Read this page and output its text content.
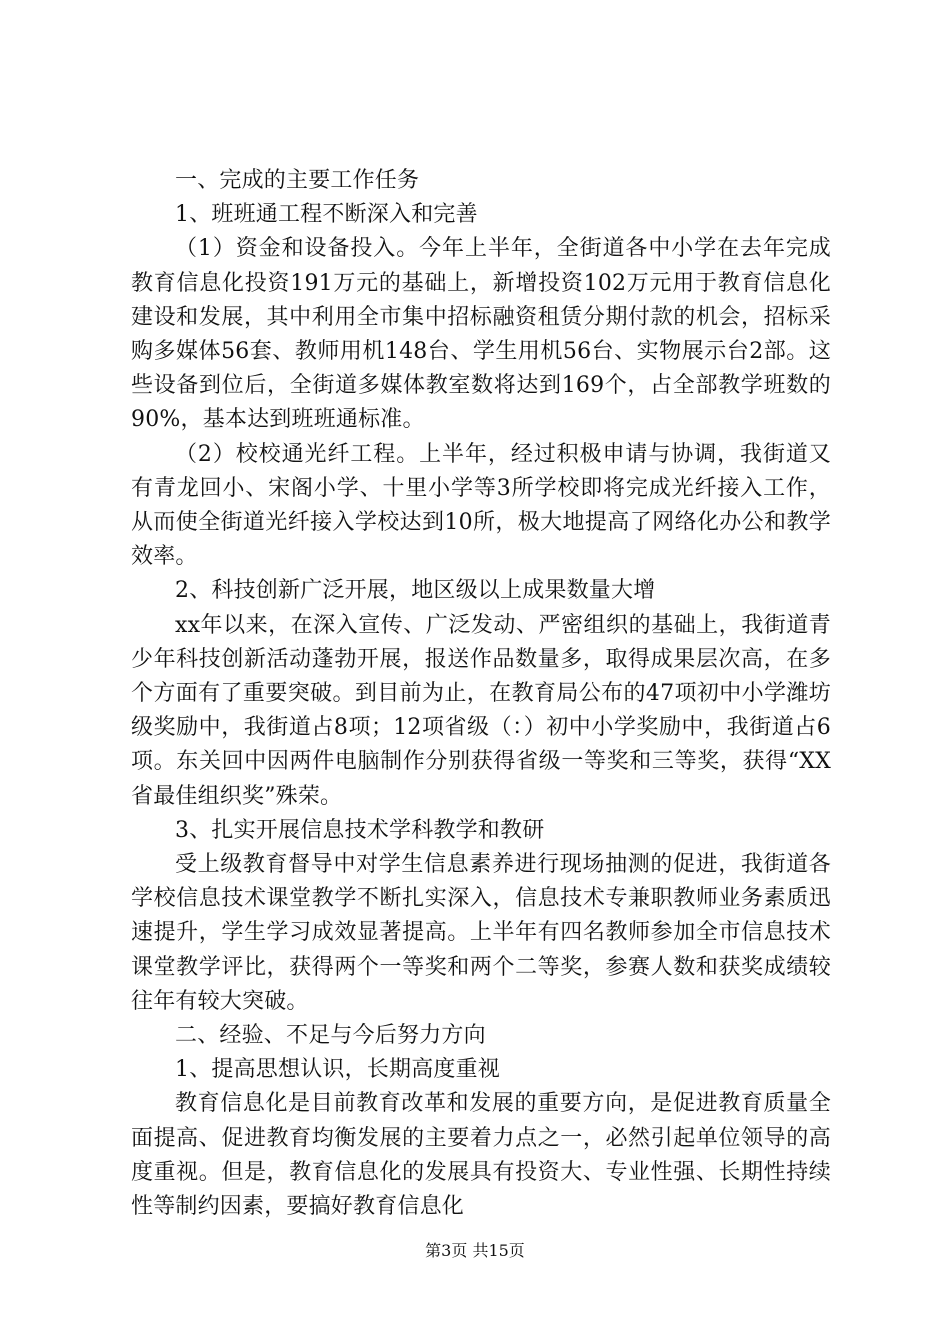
一、完成的主要工作任务

1、班班通工程不断深入和完善

（1）资金和设备投入。今年上半年，全街道各中小学在去年完成教育信息化投资191万元的基础上，新增投资102万元用于教育信息化建设和发展，其中利用全市集中招标融资租赁分期付款的机会，招标采购多媒体56套、教师用机148台、学生用机56台、实物展示台2部。这些设备到位后，全街道多媒体教室数将达到169个，占全部教学班数的90%，基本达到班班通标准。

（2）校校通光纤工程。上半年，经过积极申请与协调，我街道又有青龙回小、宋阁小学、十里小学等3所学校即将完成光纤接入工作，从而使全街道光纤接入学校达到10所，极大地提高了网络化办公和教学效率。

2、科技创新广泛开展，地区级以上成果数量大增

xx年以来，在深入宣传、广泛发动、严密组织的基础上，我街道青少年科技创新活动蓬勃开展，报送作品数量多，取得成果层次高，在多个方面有了重要突破。到目前为止，在教育局公布的47项初中小学潍坊级奖励中，我街道占8项；12项省级（：）初中小学奖励中，我街道占6项。东关回中因两件电脑制作分别获得省级一等奖和三等奖，获得“XX省最佳组织奖”殊荣。

3、扎实开展信息技术学科教学和教研

受上级教育督导中对学生信息素养进行现场抽测的促进，我街道各学校信息技术课堂教学不断扎实深入，信息技术专兼职教师业务素质迅速提升，学生学习成效显著提高。上半年有四名教师参加全市信息技术课堂教学评比，获得两个一等奖和两个二等奖，参赛人数和获奖成绩较往年有较大突破。

二、经验、不足与今后努力方向

1、提高思想认识，长期高度重视

教育信息化是目前教育改革和发展的重要方向，是促进教育质量全面提高、促进教育均衡发展的主要着力点之一，必然引起单位领导的高度重视。但是，教育信息化的发展具有投资大、专业性强、长期性持续性等制约因素，要搞好教育信息化

第3页 共15页
